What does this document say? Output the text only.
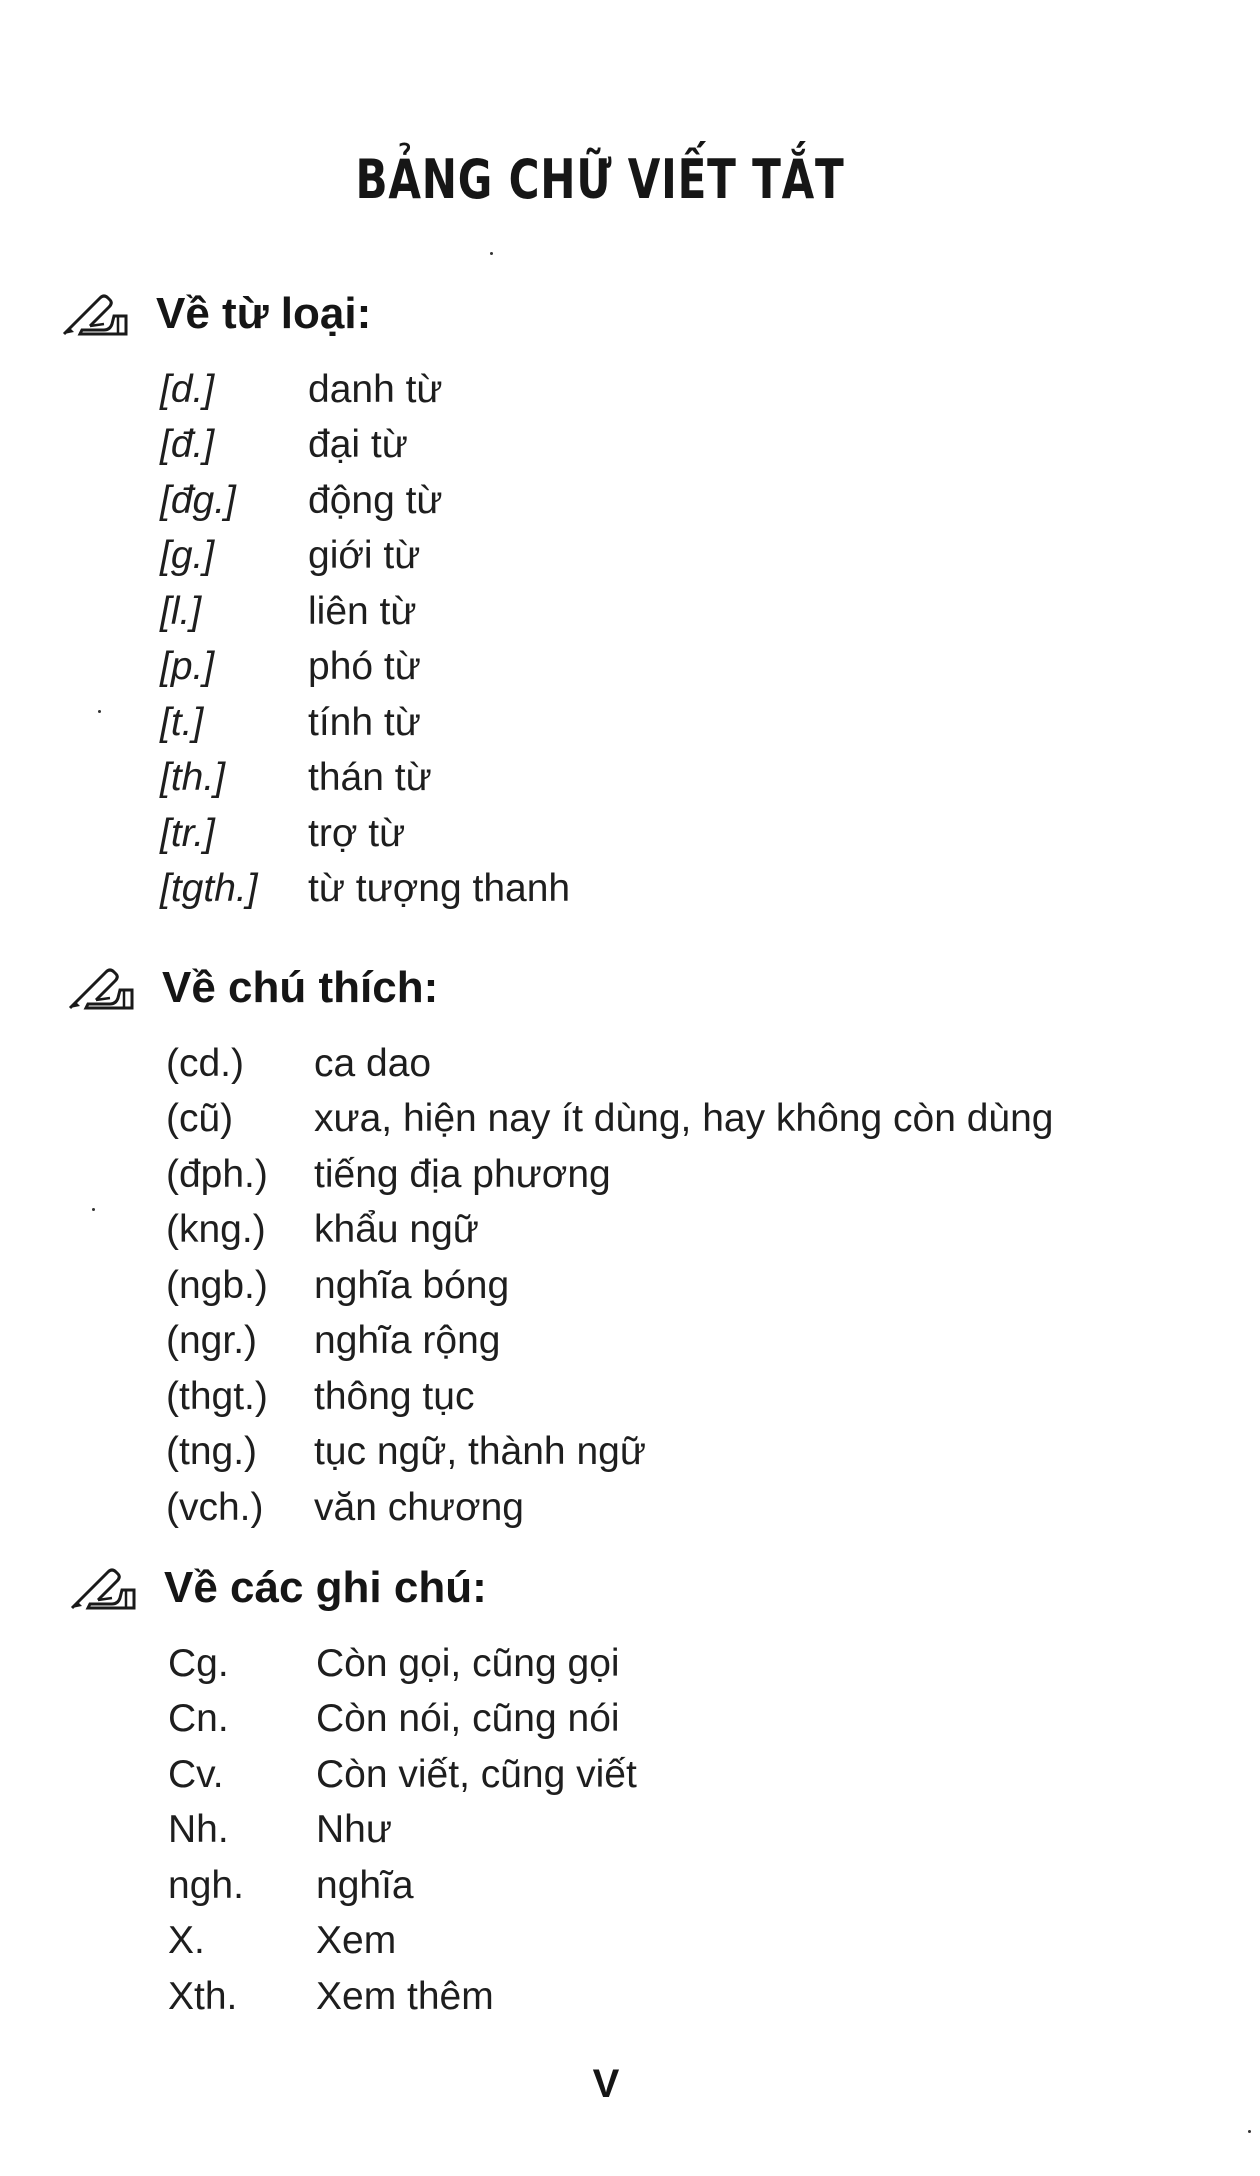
BẢNG CHỮ VIẾT TẮT
Về từ loại:
[d.]	danh từ
[đ.]	đại từ
[đg.]	động từ
[g.]	giới từ
[l.]	liên từ
[p.]	phó từ
[t.]	tính từ
[th.]	thán từ
[tr.]	trợ từ
[tgth.]	từ tượng thanh
Về chú thích:
(cd.)	ca dao
(cũ)	xưa, hiện nay ít dùng, hay không còn dùng
(đph.)	tiếng địa phương
(kng.)	khẩu ngữ
(ngb.)	nghĩa bóng
(ngr.)	nghĩa rộng
(thgt.)	thông tục
(tng.)	tục ngữ, thành ngữ
(vch.)	văn chương
Về các ghi chú:
Cg.	Còn gọi, cũng gọi
Cn.	Còn nói, cũng nói
Cv.	Còn viết, cũng viết
Nh.	Như
ngh.	nghĩa
X.	Xem
Xth.	Xem thêm
V
